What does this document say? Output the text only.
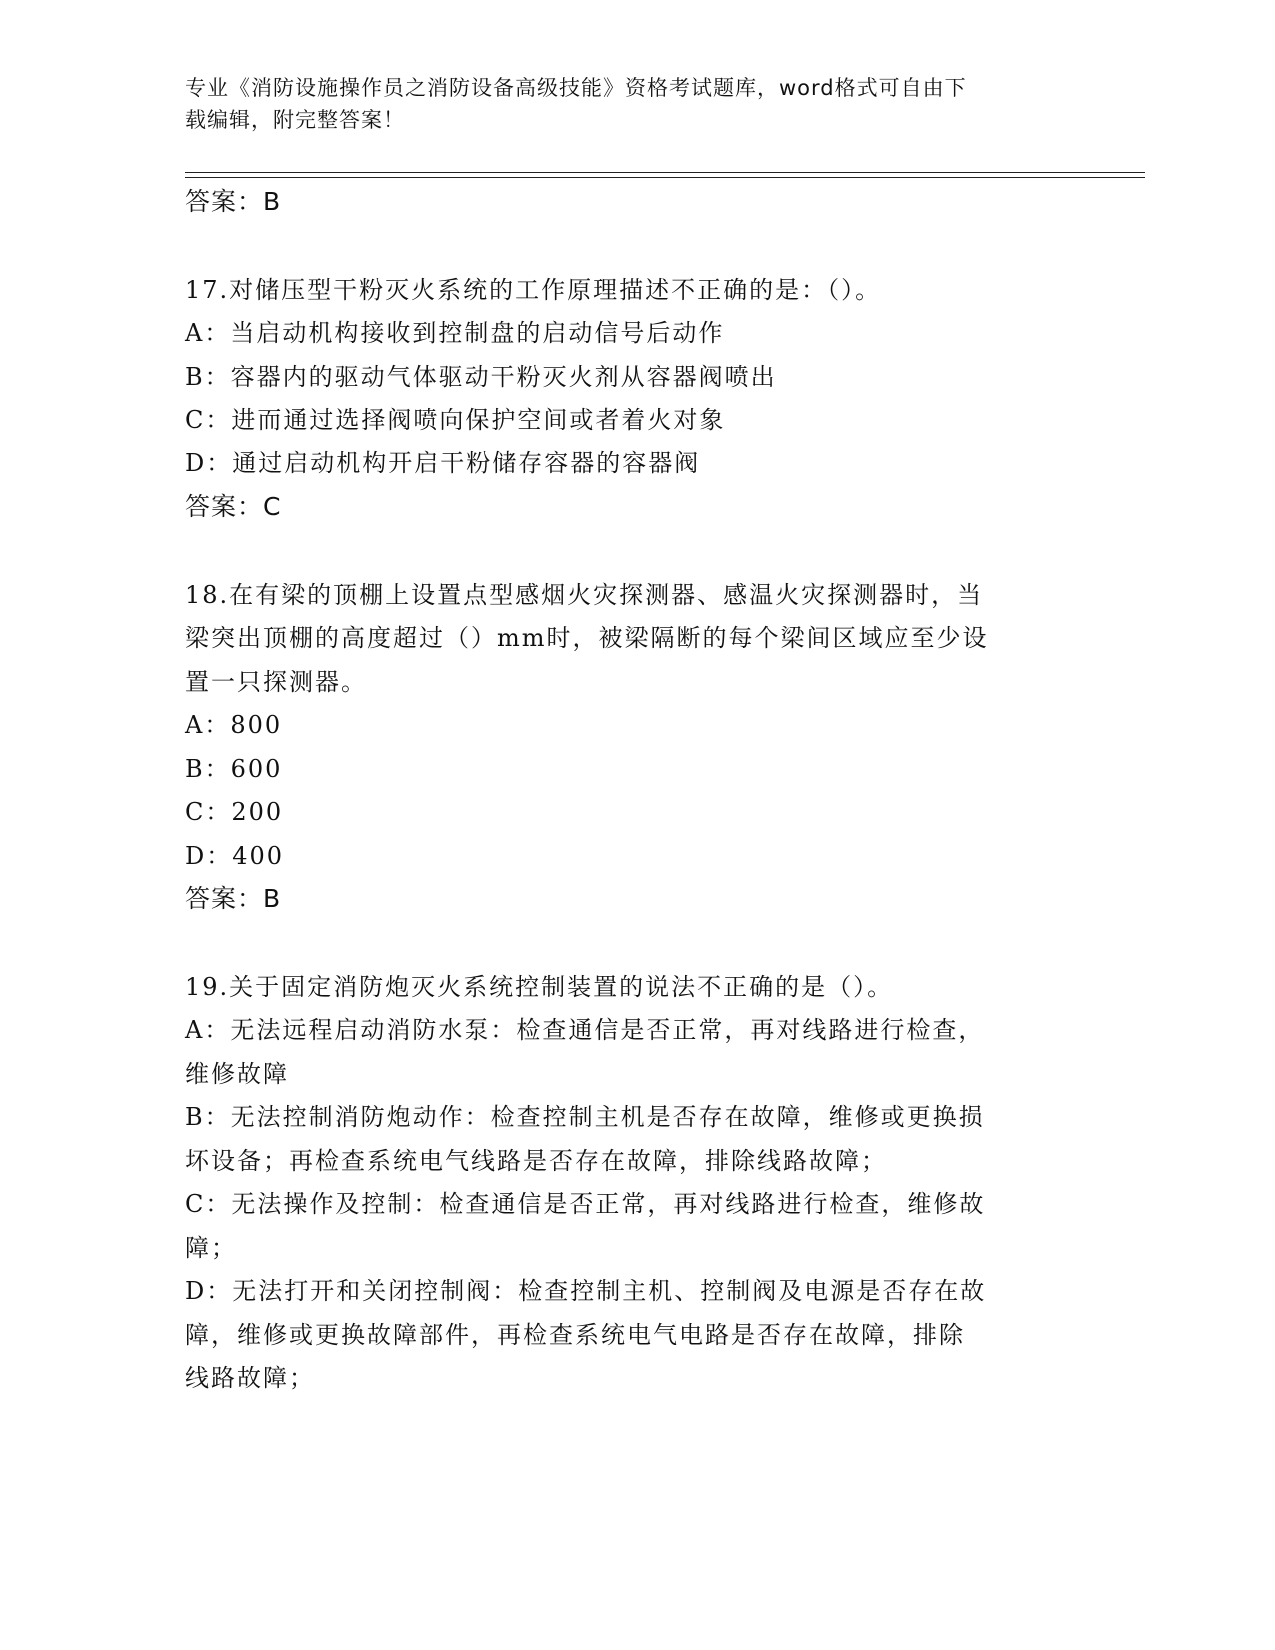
专业《消防设施操作员之消防设备高级技能》资格考试题库，word格式可自由下
载编辑，附完整答案！
答案：B
17.对储压型干粉灭火系统的工作原理描述不正确的是：（）。
A：当启动机构接收到控制盘的启动信号后动作
B：容器内的驱动气体驱动干粉灭火剂从容器阀喷出
C：进而通过选择阀喷向保护空间或者着火对象
D：通过启动机构开启干粉储存容器的容器阀
答案：C
18.在有梁的顶棚上设置点型感烟火灾探测器、感温火灾探测器时，当
梁突出顶棚的高度超过（）mm时，被梁隔断的每个梁间区域应至少设
置一只探测器。
A：800
B：600
C：200
D：400
答案：B
19.关于固定消防炮灭火系统控制装置的说法不正确的是（）。
A：无法远程启动消防水泵：检查通信是否正常，再对线路进行检查，
维修故障
B：无法控制消防炮动作：检查控制主机是否存在故障，维修或更换损
坏设备；再检查系统电气线路是否存在故障，排除线路故障；
C：无法操作及控制：检查通信是否正常，再对线路进行检查，维修故
障；
D：无法打开和关闭控制阀：检查控制主机、控制阀及电源是否存在故
障，维修或更换故障部件，再检查系统电气电路是否存在故障，排除
线路故障；
